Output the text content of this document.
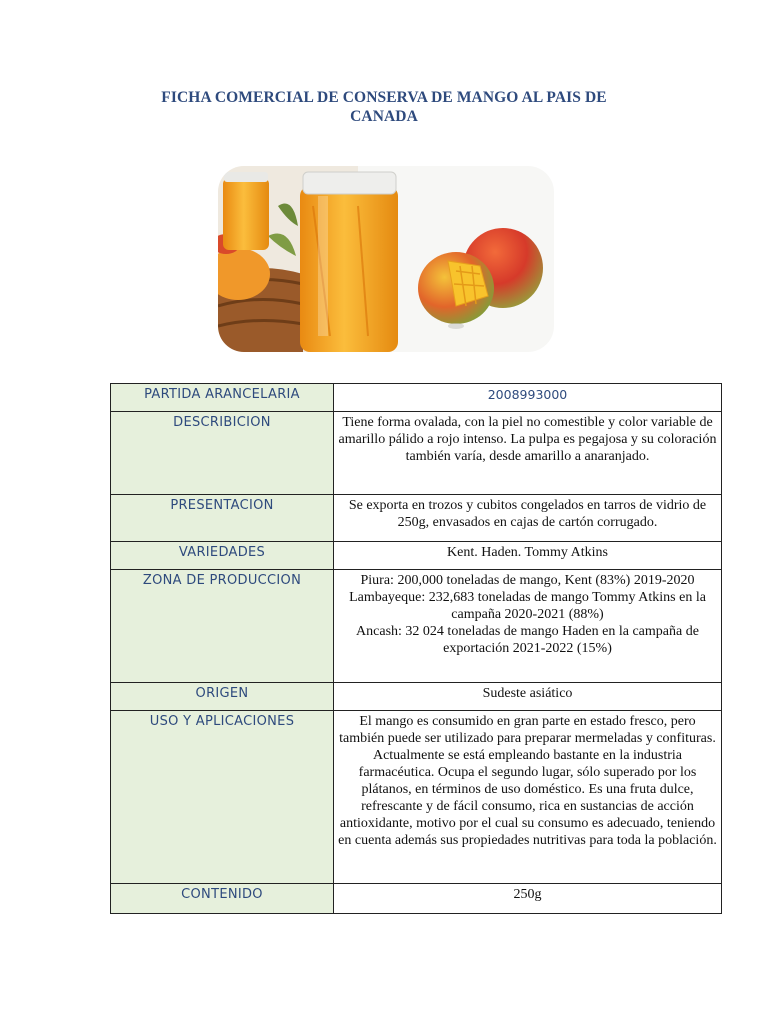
FICHA COMERCIAL DE CONSERVA DE MANGO AL PAIS DE
CANADA
PARTIDA ARANCELARIA	2008993000
DESCRIBICION	Tiene forma ovalada, con la piel no comestible y color variable de amarillo pálido a rojo intenso. La pulpa es pegajosa y su coloración también varía, desde amarillo a anaranjado.
PRESENTACION	Se exporta en trozos y cubitos congelados en tarros de vidrio de 250g, envasados en cajas de cartón corrugado.
VARIEDADES	Kent. Haden. Tommy Atkins
ZONA DE PRODUCCION	Piura: 200,000 toneladas de mango, Kent (83%) 2019-2020
Lambayeque: 232,683 toneladas de mango Tommy Atkins en la campaña 2020-2021 (88%)
Ancash: 32 024 toneladas de mango Haden en la campaña de exportación 2021-2022 (15%)

ORIGEN	Sudeste asiático
USO Y APLICACIONES	El mango es consumido en gran parte en estado fresco, pero también puede ser utilizado para preparar mermeladas y confituras. Actualmente se está empleando bastante en la industria farmacéutica. Ocupa el segundo lugar, sólo superado por los plátanos, en términos de uso doméstico. Es una fruta dulce, refrescante y de fácil consumo, rica en sustancias de acción antioxidante, motivo por el cual su consumo es adecuado, teniendo en cuenta además sus propiedades nutritivas para toda la población.
CONTENIDO	250g
